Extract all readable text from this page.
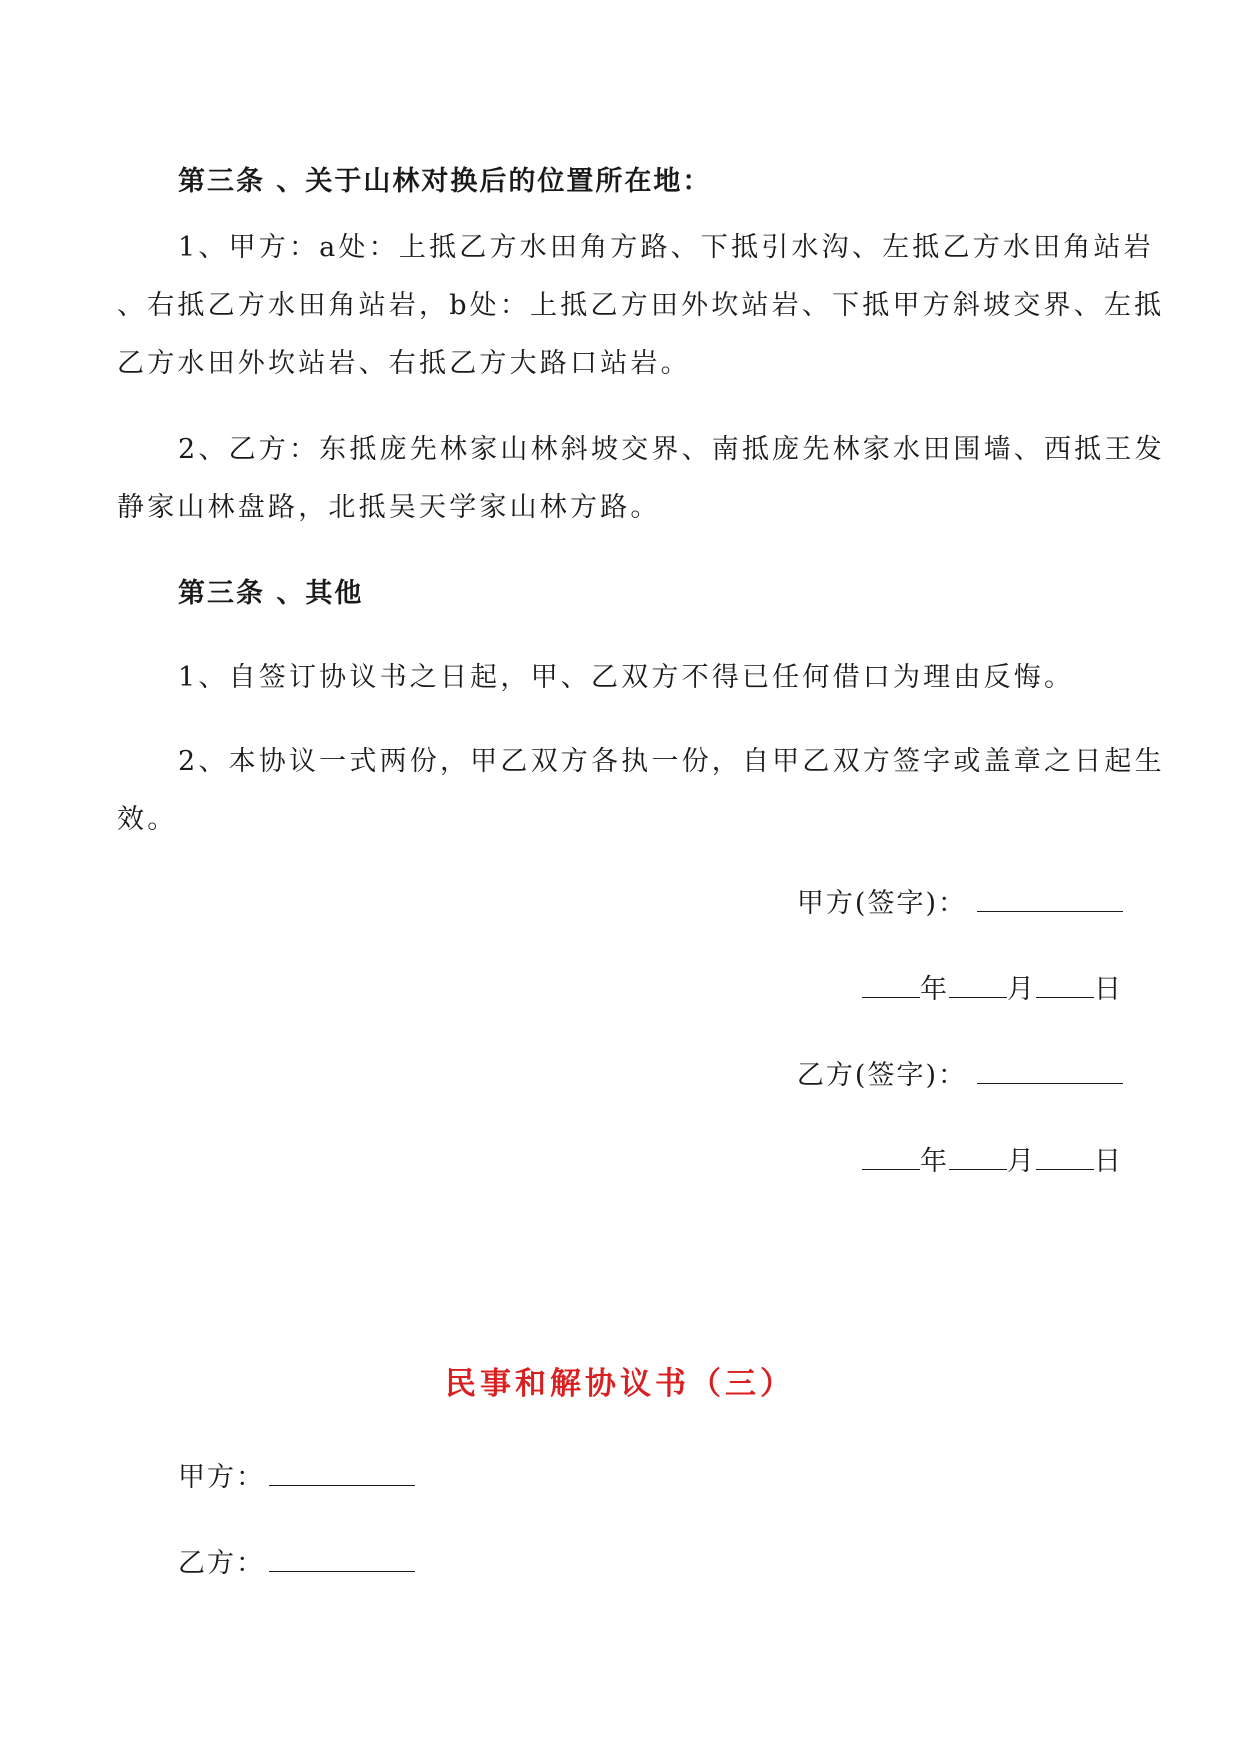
第三条 、关于山林对换后的位置所在地：

1、甲方：a处：上抵乙方水田角方路、下抵引水沟、左抵乙方水田角站岩

、右抵乙方水田角站岩，b处：上抵乙方田外坎站岩、下抵甲方斜坡交界、左抵

乙方水田外坎站岩、右抵乙方大路口站岩。

2、乙方：东抵庞先林家山林斜坡交界、南抵庞先林家水田围墙、西抵王发

静家山林盘路，北抵吴天学家山林方路。

第三条 、其他

1、自签订协议书之日起，甲、乙双方不得已任何借口为理由反悔。

2、本协议一式两份，甲乙双方各执一份，自甲乙双方签字或盖章之日起生

效。

甲方(签字)：
年 月 日
乙方(签字)：
年 月 日
民事和解协议书（三）
甲方：
乙方：
